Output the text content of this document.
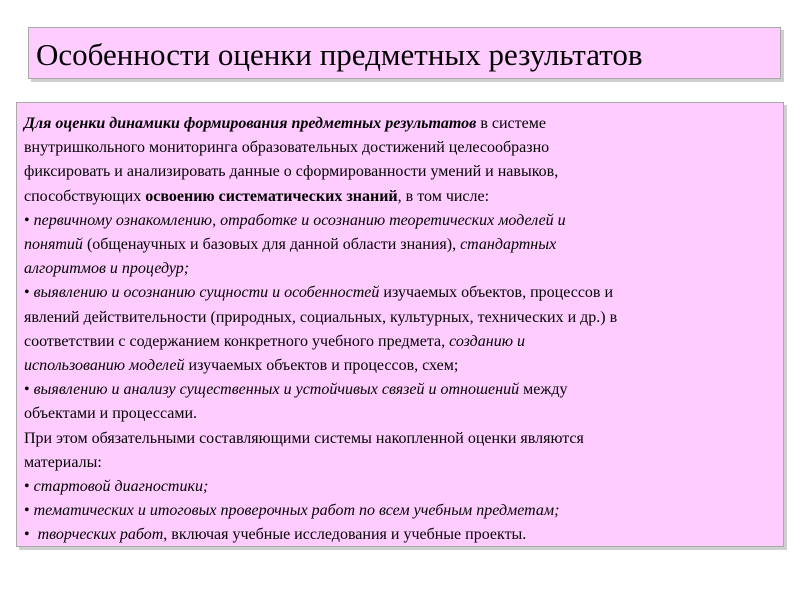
Особенности оценки предметных результатов
Для оценки динамики формирования предметных результатов в системе
внутришкольного мониторинга образовательных достижений целесообразно
фиксировать и анализировать данные о сформированности умений и навыков,
способствующих освоению систематических знаний, в том числе:
• первичному ознакомлению, отработке и осознанию теоретических моделей и
понятий (общенаучных и базовых для данной области знания), стандартных
алгоритмов и процедур;
• выявлению и осознанию сущности и особенностей изучаемых объектов, процессов и
явлений действительности (природных, социальных, культурных, технических и др.) в
соответствии с содержанием конкретного учебного предмета, созданию и
использованию моделей изучаемых объектов и процессов, схем;
• выявлению и анализу существенных и устойчивых связей и отношений между
объектами и процессами.
При этом обязательными составляющими системы накопленной оценки являются
материалы:
• стартовой диагностики;
• тематических и итоговых проверочных работ по всем учебным предметам;
•  творческих работ, включая учебные исследования и учебные проекты.
